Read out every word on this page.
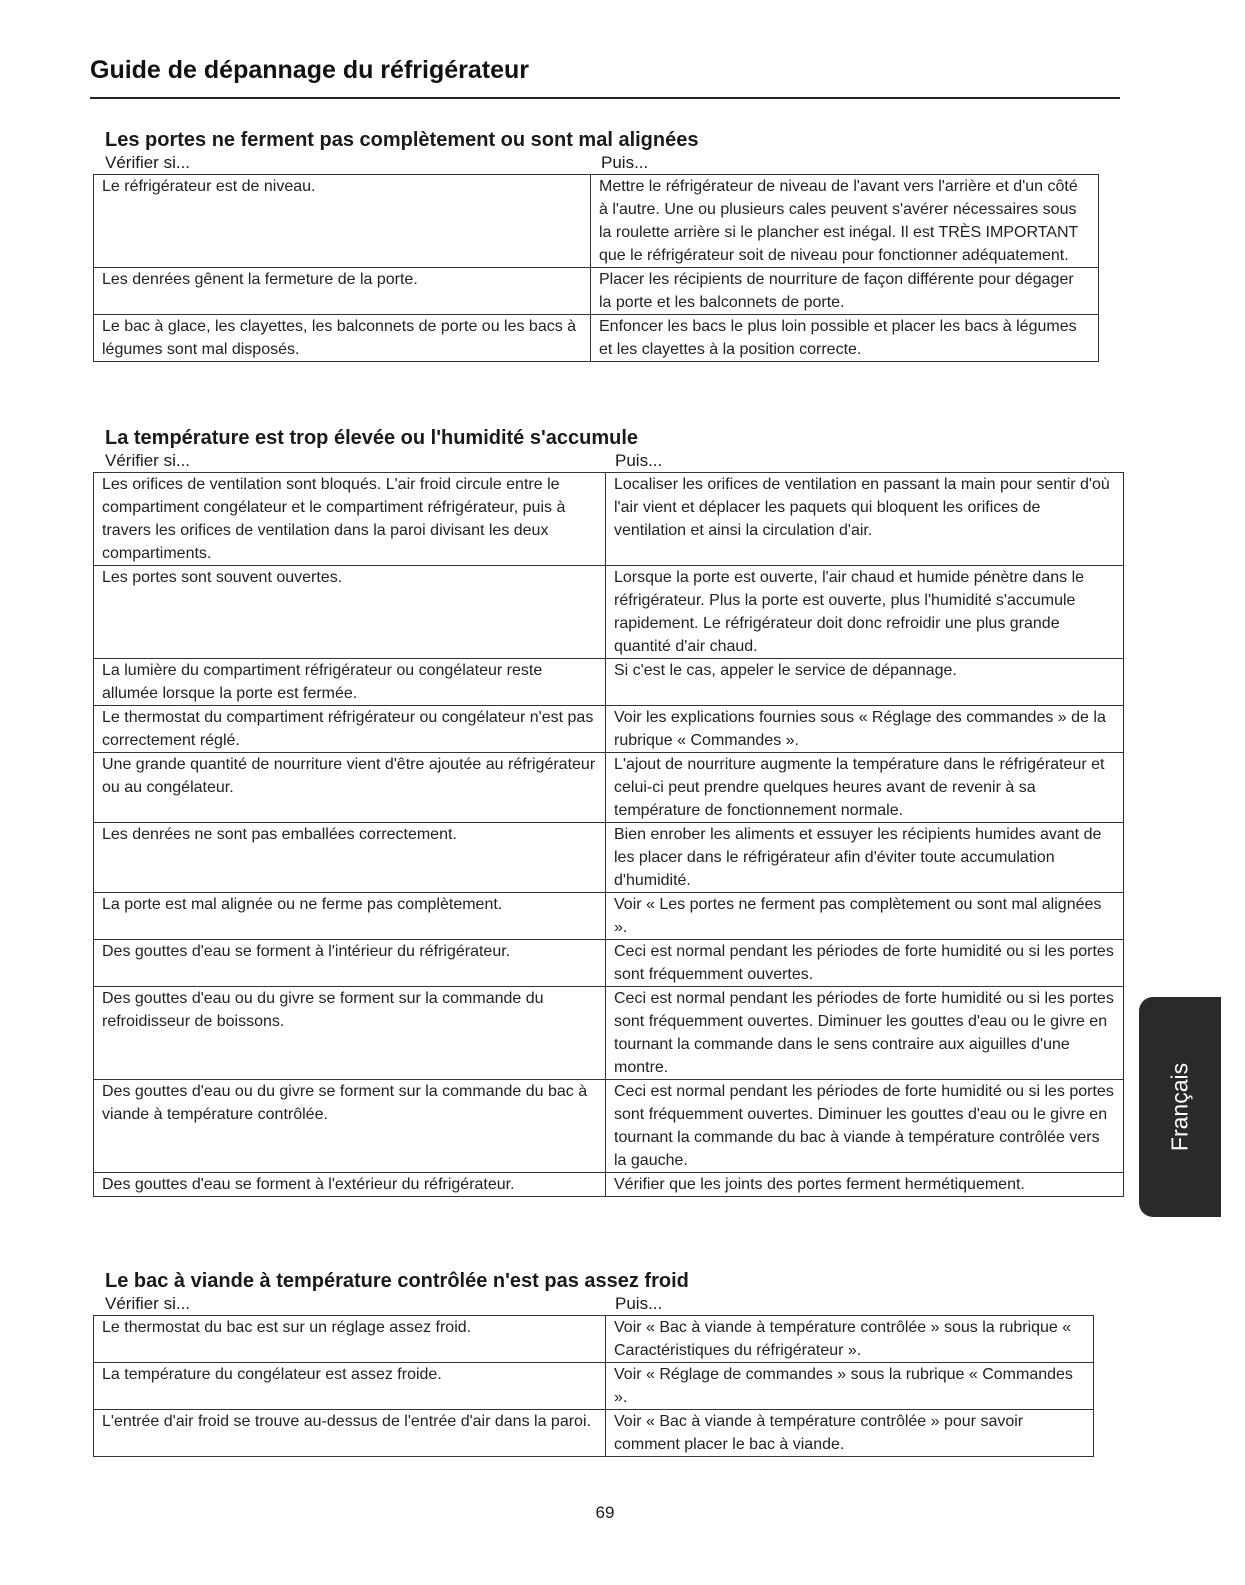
Guide de dépannage du réfrigérateur
Les portes ne ferment pas complètement ou sont mal alignées
Vérifier si...	Puis...
Le réfrigérateur est de niveau.	Mettre le réfrigérateur de niveau de l'avant vers l'arrière et d'un côté à l'autre. Une ou plusieurs cales peuvent s'avérer nécessaires sous la roulette arrière si le plancher est inégal. Il est TRÈS IMPORTANT que le réfrigérateur soit de niveau pour fonctionner adéquatement.
Les denrées gênent la fermeture de la porte.	Placer les récipients de nourriture de façon différente pour dégager la porte et les balconnets de porte.
Le bac à glace, les clayettes, les balconnets de porte ou les bacs à légumes sont mal disposés.	Enfoncer les bacs le plus loin possible et placer les bacs à légumes et les clayettes à la position correcte.
La température est trop élevée ou l'humidité s'accumule
Vérifier si...	Puis...
Les orifices de ventilation sont bloqués. L'air froid circule entre le compartiment congélateur et le compartiment réfrigérateur, puis à travers les orifices de ventilation dans la paroi divisant les deux compartiments.	Localiser les orifices de ventilation en passant la main pour sentir d'où l'air vient et déplacer les paquets qui bloquent les orifices de ventilation et ainsi la circulation d'air.
Les portes sont souvent ouvertes.	Lorsque la porte est ouverte, l'air chaud et humide pénètre dans le réfrigérateur. Plus la porte est ouverte, plus l'humidité s'accumule rapidement. Le réfrigérateur doit donc refroidir une plus grande quantité d'air chaud.
La lumière du compartiment réfrigérateur ou congélateur reste allumée lorsque la porte est fermée.	Si c'est le cas, appeler le service de dépannage.
Le thermostat du compartiment réfrigérateur ou congélateur n'est pas correctement réglé.	Voir les explications fournies sous « Réglage des commandes » de la rubrique « Commandes ».
Une grande quantité de nourriture vient d'être ajoutée au réfrigérateur ou au congélateur.	L'ajout de nourriture augmente la température dans le réfrigérateur et celui-ci peut prendre quelques heures avant de revenir à sa température de fonctionnement normale.
Les denrées ne sont pas emballées correctement.	Bien enrober les aliments et essuyer les récipients humides avant de les placer dans le réfrigérateur afin d'éviter toute accumulation d'humidité.
La porte est mal alignée ou ne ferme pas complètement.	Voir « Les portes ne ferment pas complètement ou sont mal alignées ».
Des gouttes d'eau se forment à l'intérieur du réfrigérateur.	Ceci est normal pendant les périodes de forte humidité ou si les portes sont fréquemment ouvertes.
Des gouttes d'eau ou du givre se forment sur la commande du refroidisseur de boissons.	Ceci est normal pendant les périodes de forte humidité ou si les portes sont fréquemment ouvertes. Diminuer les gouttes d'eau ou le givre en tournant la commande dans le sens contraire aux aiguilles d'une montre.
Des gouttes d'eau ou du givre se forment sur la commande du bac à viande à température contrôlée.	Ceci est normal pendant les périodes de forte humidité ou si les portes sont fréquemment ouvertes. Diminuer les gouttes d'eau ou le givre en tournant la commande du bac à viande à température contrôlée vers la gauche.
Des gouttes d'eau se forment à l'extérieur du réfrigérateur.	Vérifier que les joints des portes ferment hermétiquement.
Le bac à viande à température contrôlée n'est pas assez froid
Vérifier si...	Puis...
Le thermostat du bac est sur un réglage assez froid.	Voir « Bac à viande à température contrôlée » sous la rubrique « Caractéristiques du réfrigérateur ».
La température du congélateur est assez froide.	Voir « Réglage de commandes » sous la rubrique « Commandes ».
L'entrée d'air froid se trouve au-dessus de l'entrée d'air dans la paroi.	Voir « Bac à viande à température contrôlée » pour savoir comment placer le bac à viande.
Français
69
